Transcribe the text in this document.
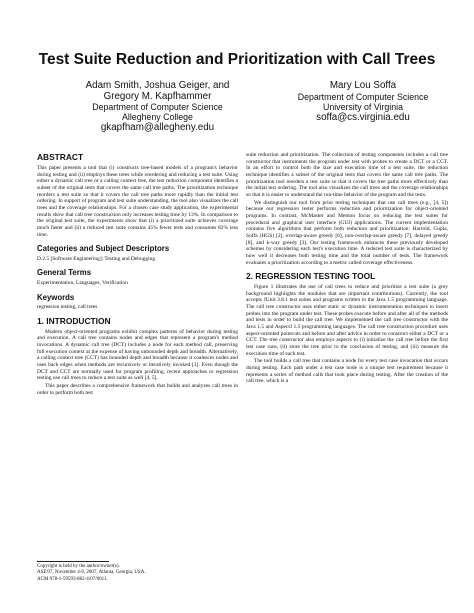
Test Suite Reduction and Prioritization with Call Trees
Adam Smith, Joshua Geiger, and
Gregory M. Kapfhammer
Department of Computer Science
Allegheny College
gkapfham@allegheny.edu
Mary Lou Soffa
Department of Computer Science
University of Virginia
soffa@cs.virginia.edu
ABSTRACT

This paper presents a tool that (i) constructs tree-based models of a program's behavior during testing and (ii) employs these trees while reordering and reducing a test suite. Using either a dynamic call tree or a calling context tree, the test reduction component identifies a subset of the original tests that covers the same call tree paths. The prioritization technique reorders a test suite so that it covers the call tree paths more rapidly than the initial test ordering. In support of program and test suite understanding, the tool also visualizes the call trees and the coverage relationships. For a chosen case study application, the experimental results show that call tree construction only increases testing time by 13%. In comparison to the original test suite, the experiments show that (i) a prioritized suite achieves coverage much faster and (ii) a reduced test suite contains 45% fewer tests and consumes 82% less time.

Categories and Subject Descriptors

D.2.5 [Software Engineering]: Testing and Debugging

General Terms

Experimentation, Languages, Verification

Keywords

regression testing, call trees

1. INTRODUCTION

Modern object-oriented programs exhibit complex patterns of behavior during testing and execution. A call tree contains nodes and edges that represent a program's method invocations. A dynamic call tree (DCT) includes a node for each method call, preserving full execution context at the expense of having unbounded depth and breadth. Alternatively, a calling context tree (CCT) has bounded depth and breadth because it coalesces nodes and uses back edges when methods are recursively or iteratively invoked [1]. Even though the DCT and CCT are normally used for program profiling, recent approaches to regression testing use call trees to reduce a test suite as well [4, 5].

This paper describes a comprehensive framework that builds and analyzes call trees in order to perform both test

Copyright is held by the author/owner(s).

ASE'07, November 4-9, 2007, Atlanta, Georgia, USA.

ACM 978-1-59593-882-4/07/0011.

suite reduction and prioritization. The collection of testing components includes a call tree constructor that instruments the program under test with probes to create a DCT or a CCT. In an effort to control both the size and execution time of a test suite, the reduction technique identifies a subset of the original tests that covers the same call tree paths. The prioritization tool reorders a test suite so that it covers the tree paths more effectively than the initial test ordering. The tool also visualizes the call trees and the coverage relationships so that it is easier to understand the run-time behavior of the program and the tests.

We distinguish our tool from prior testing techniques that use call trees (e.g., [4, 5]) because our regression tester performs reduction and prioritization for object-oriented programs. In contrast, McMaster and Memon focus on reducing the test suites for procedural and graphical user interface (GUI) applications. The current implementation contains five algorithms that perform both reduction and prioritization: Harrold, Gupta, Soffa (HGS) [2], overlap-aware greedy [6], non-overlap-aware greedy [7], delayed greedy [8], and k-way greedy [3]. Our testing framework enhances these previously developed schemes by considering each test's execution time. A reduced test suite is characterized by how well it decreases both testing time and the total number of tests. The framework evaluates a prioritization according to a metric called coverage effectiveness.

2. REGRESSION TESTING TOOL

Figure 1 illustrates the use of call trees to reduce and prioritize a test suite (a grey background highlights the modules that are important contributions). Currently, the tool accepts JUnit 3.8.1 test suites and programs written in the Java 1.5 programming language. The call tree constructor uses either static or dynamic instrumentation techniques to insert probes into the program under test. These probes execute before and after all of the methods and tests in order to build the call tree. We implemented the call tree constructor with the Java 1.5 and AspectJ 1.5 programming languages. The call tree construction procedure uses aspect-oriented pointcuts and before and after advice in order to construct either a DCT or a CCT. The tree constructor also employs aspects to (i) initialize the call tree before the first test case runs, (ii) store the tree prior to the conclusion of testing, and (iii) measure the execution time of each test.

The tool builds a call tree that contains a node for every test case invocation that occurs during testing. Each path under a test case node is a unique test requirement because it represents a series of method calls that took place during testing. After the creation of the call tree, which is a
